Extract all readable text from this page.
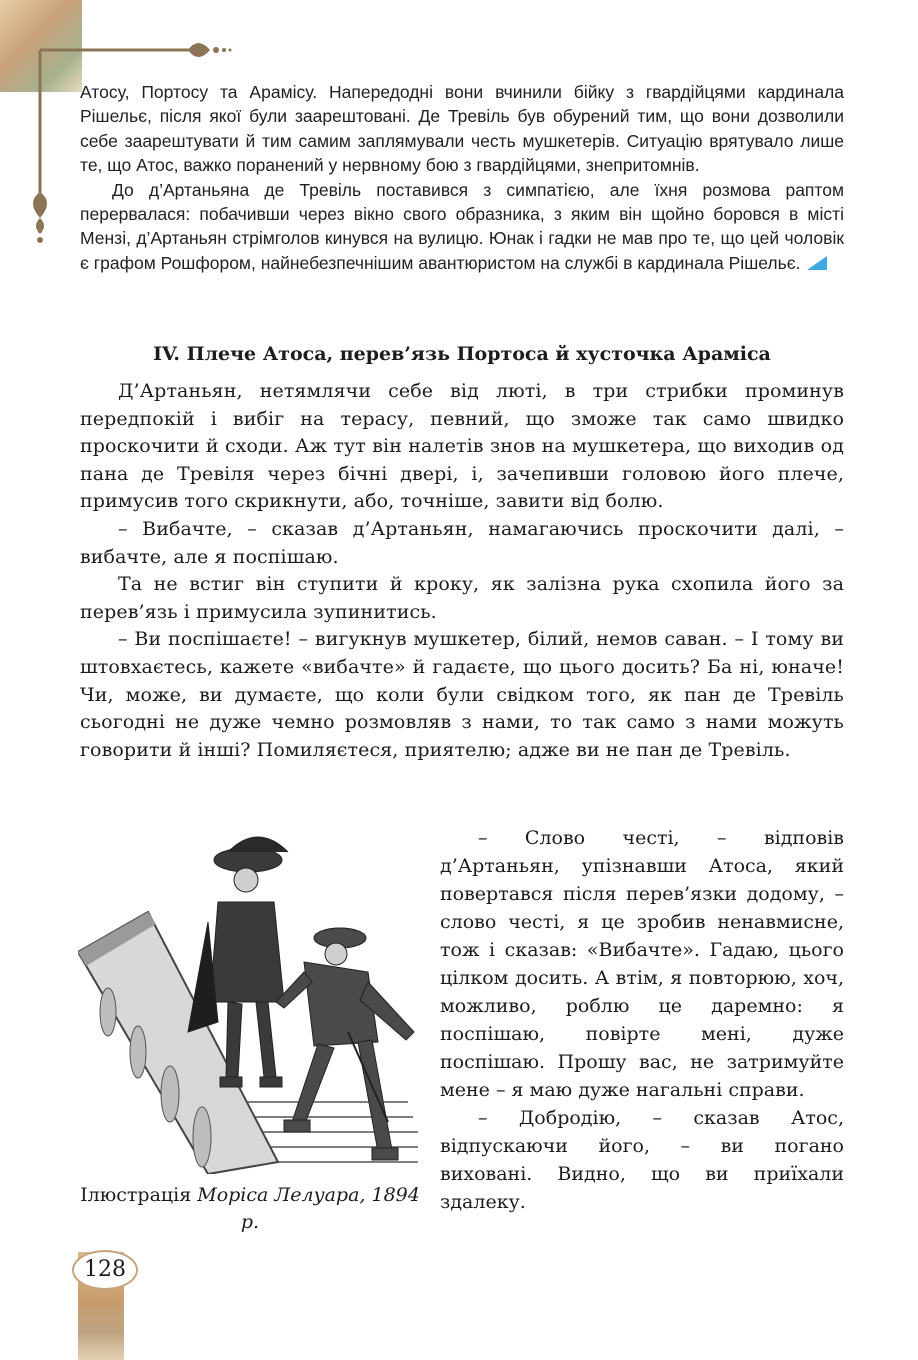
Атосу, Портосу та Арамісу. Напередодні вони вчинили бійку з гвардійцями кардинала Рішельє, після якої були заарештовані. Де Тревіль був обурений тим, що вони дозволили себе заарештувати й тим самим заплямували честь мушкетерів. Ситуацію врятувало лише те, що Атос, важко поранений у нервному бою з гвардійцями, знепритомнів.

До д’Артаньяна де Тревіль поставився з симпатією, але їхня розмова раптом перервалася: побачивши через вікно свого образника, з яким він щойно боровся в місті Мензі, д’Артаньян стрімголов кинувся на вулицю. Юнак і гадки не мав про те, що цей чоловік є графом Рошфором, найнебезпечнішим авантюристом на службі в кардинала Рішельє.

IV. Плече Атоса, перев’язь Портоса й хусточка Араміса

Д’Артаньян, нетямлячи себе від люті, в три стрибки проминув передпокій і вибіг на терасу, певний, що зможе так само швидко проскочити й сходи. Аж тут він налетів знов на мушкетера, що виходив од пана де Тревіля через бічні двері, і, зачепивши головою його плече, примусив того скрикнути, або, точніше, завити від болю.

– Вибачте, – сказав д’Артаньян, намагаючись проскочити далі, – вибачте, але я поспішаю.

Та не встиг він ступити й кроку, як залізна рука схопила його за перев’язь і примусила зупинитись.

– Ви поспішаєте! – вигукнув мушкетер, білий, немов саван. – І тому ви штовхаєтесь, кажете «вибачте» й гадаєте, що цього досить? Ба ні, юначе! Чи, може, ви думаєте, що коли були свідком того, як пан де Тревіль сьогодні не дуже чемно розмовляв з нами, то так само з нами можуть говорити й інші? Помиляєтеся, приятелю; адже ви не пан де Тревіль.

Ілюстрація Моріса Лелуара, 1894 р.

– Слово честі, – відповів д’Артаньян, упізнавши Атоса, який повертався після перев’язки додому, – слово честі, я це зробив ненавмисне, тож і сказав: «Вибачте». Гадаю, цього цілком досить. А втім, я повторюю, хоч, можливо, роблю це даремно: я поспішаю, повірте мені, дуже поспішаю. Прошу вас, не затримуйте мене – я маю дуже нагальні справи.

– Добродію, – сказав Атос, відпускаючи його, – ви погано виховані. Видно, що ви приїхали здалеку.

128
